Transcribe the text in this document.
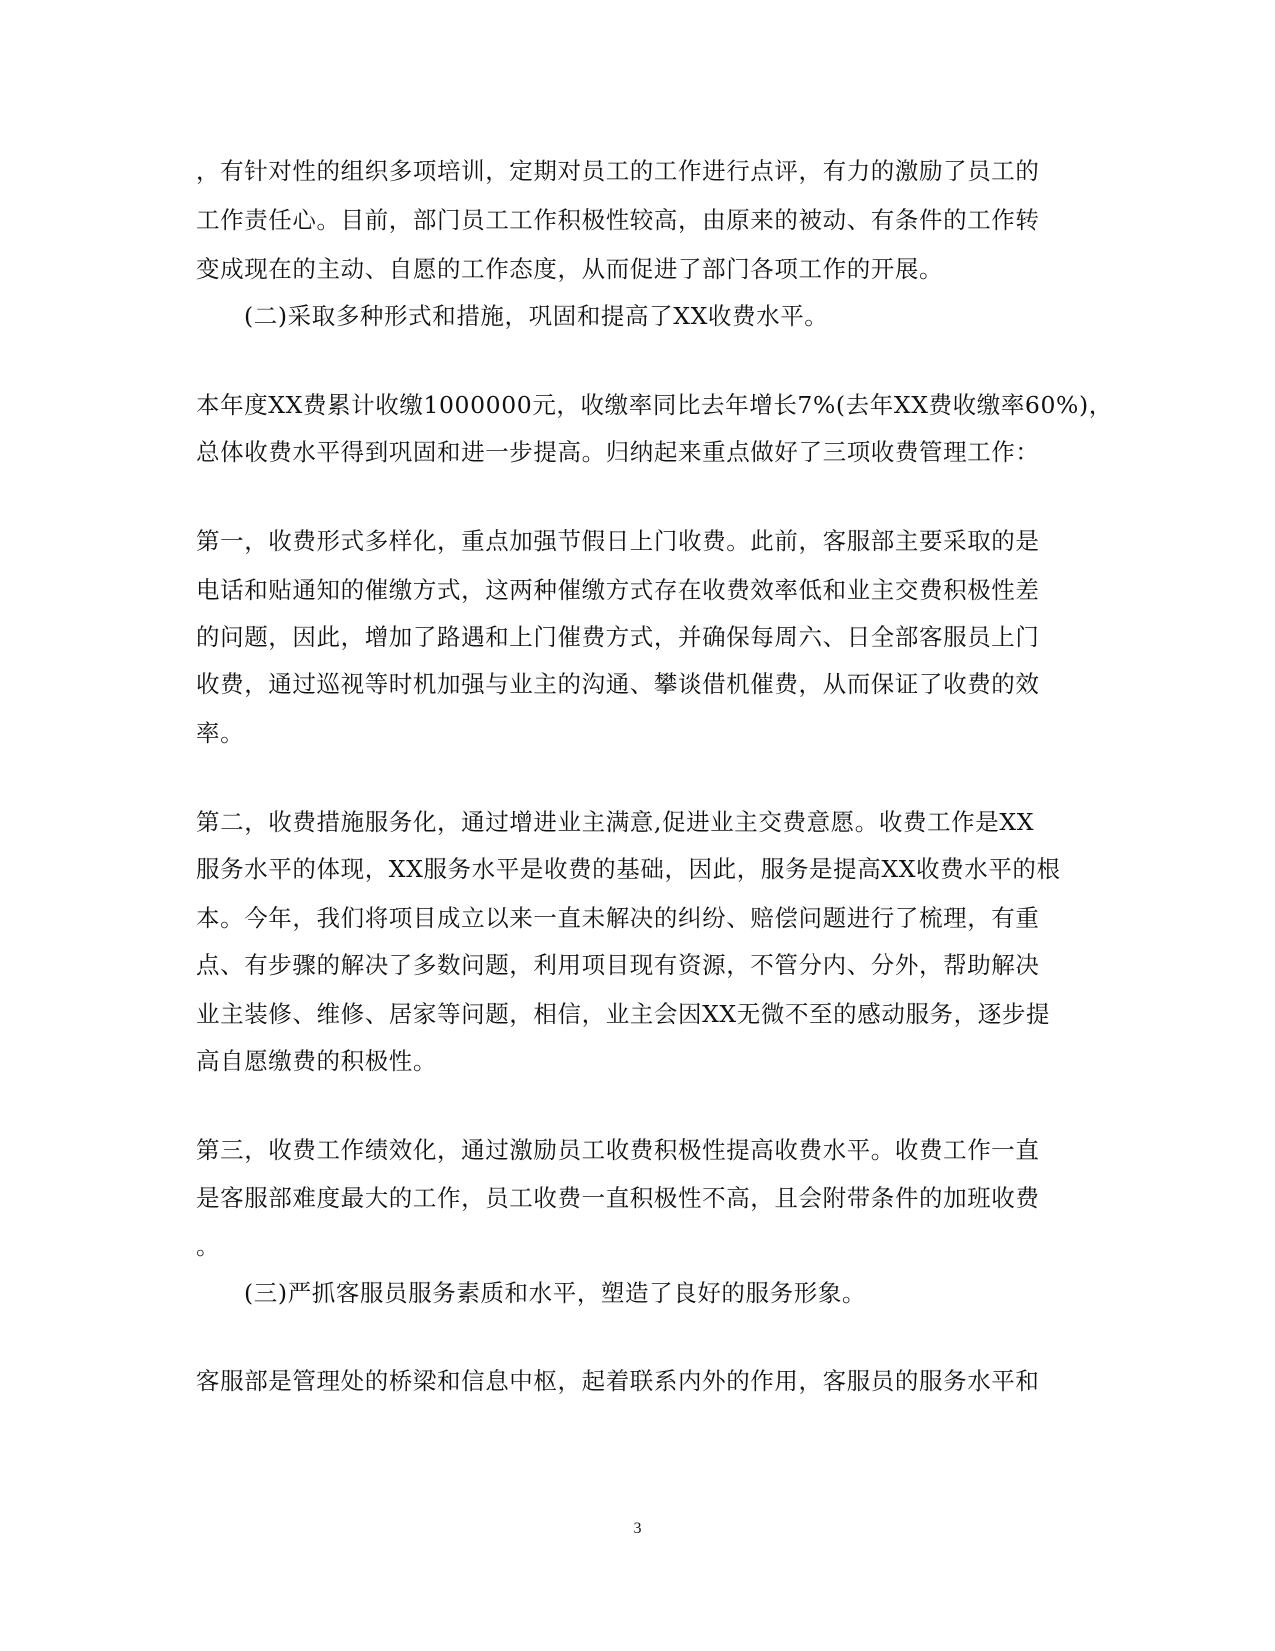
，有针对性的组织多项培训，定期对员工的工作进行点评，有力的激励了员工的
工作责任心。目前，部门员工工作积极性较高，由原来的被动、有条件的工作转
变成现在的主动、自愿的工作态度，从而促进了部门各项工作的开展。
(二)采取多种形式和措施，巩固和提高了XX收费水平。
本年度XX费累计收缴1000000元，收缴率同比去年增长7%(去年XX费收缴率60%)，
总体收费水平得到巩固和进一步提高。归纳起来重点做好了三项收费管理工作：
第一，收费形式多样化，重点加强节假日上门收费。此前，客服部主要采取的是
电话和贴通知的催缴方式，这两种催缴方式存在收费效率低和业主交费积极性差
的问题，因此，增加了路遇和上门催费方式，并确保每周六、日全部客服员上门
收费，通过巡视等时机加强与业主的沟通、攀谈借机催费，从而保证了收费的效
率。
第二，收费措施服务化，通过增进业主满意,促进业主交费意愿。收费工作是XX
服务水平的体现，XX服务水平是收费的基础，因此，服务是提高XX收费水平的根
本。今年，我们将项目成立以来一直未解决的纠纷、赔偿问题进行了梳理，有重
点、有步骤的解决了多数问题，利用项目现有资源，不管分内、分外，帮助解决
业主装修、维修、居家等问题，相信，业主会因XX无微不至的感动服务，逐步提
高自愿缴费的积极性。
第三，收费工作绩效化，通过激励员工收费积极性提高收费水平。收费工作一直
是客服部难度最大的工作，员工收费一直积极性不高，且会附带条件的加班收费
。
(三)严抓客服员服务素质和水平，塑造了良好的服务形象。
客服部是管理处的桥梁和信息中枢，起着联系内外的作用，客服员的服务水平和
3
